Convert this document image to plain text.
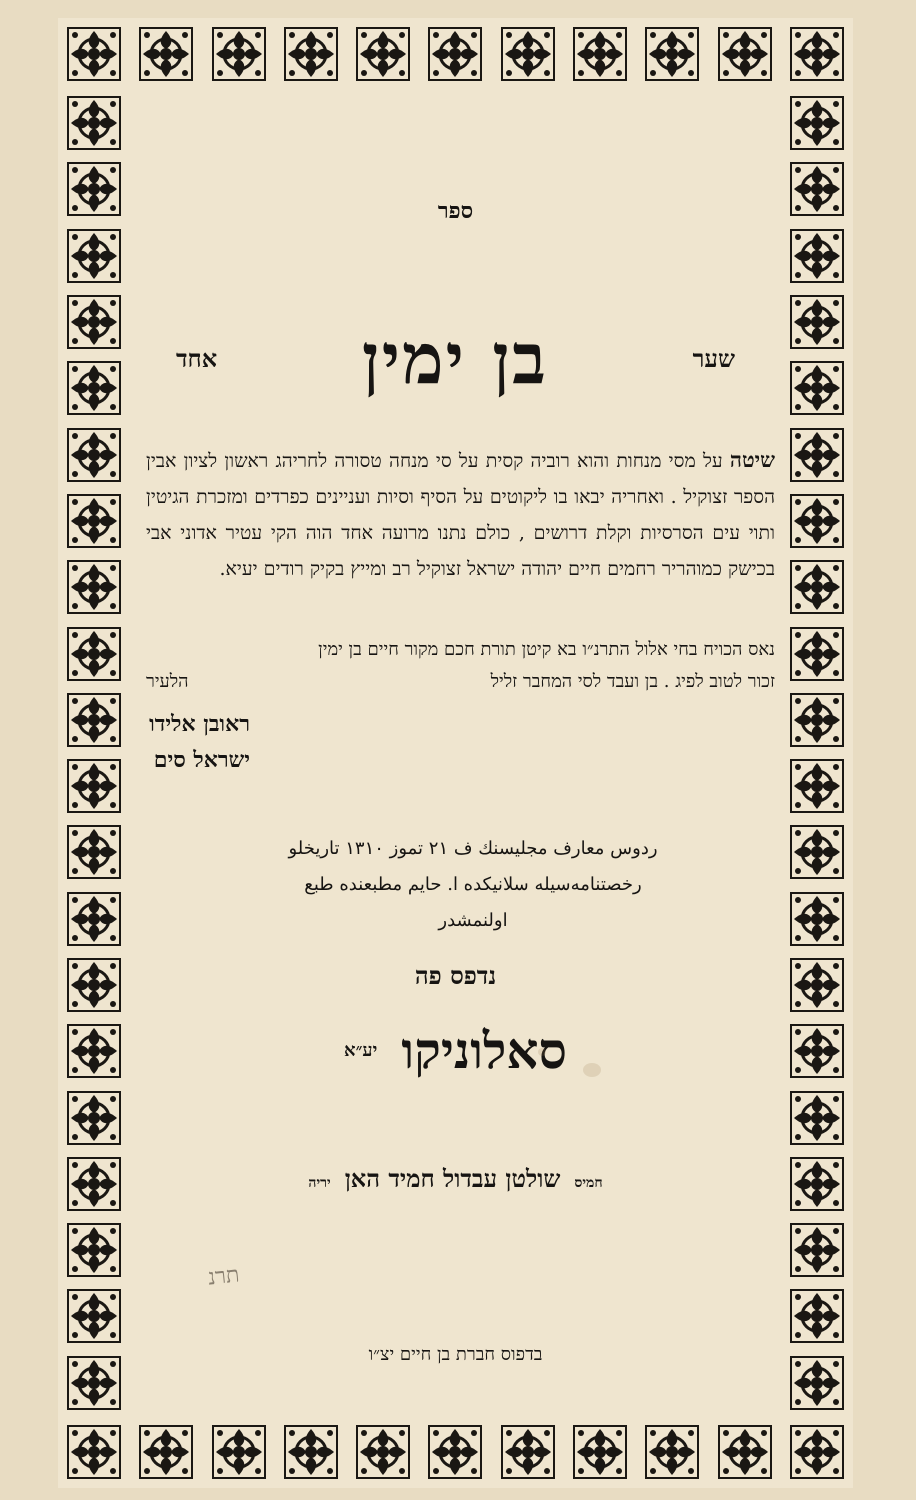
ספר
אחד בן ימין	שער
שיטה על מסי מנחות והוא רוביה קסית על סי מנחה טסורה לחריהג ראשון לציון אבין הספר זצוקיל . ואחריה יבאו בו ליקוטים על הסיף וסיות ועניינים כפרדים ומזכרת הגיטין ותוי עים הסרסיות וקלת דרושים , כולם נתנו מרועה אחד הוה הקי עטיר אדוני אבי בכישק כמוהריר רחמים חיים יהודה ישראל זצוקיל רב ומייץ בקיק רודים יעיא.
נאס הכויח בחי אלול התרנ״ו בא קיטן תורת חכם מקור חיים בן ימין
זכור לטוב לפיג . בן ועבד לסי המחבר זליל
הלעיר
ראובן אלידו
ישראל סים
ردوس معارف مجليسنك ف ٢١ تموز ١٣١٠ تاريخلو
رخصتنامه‌سيله سلانيكده ا‌. حايم مطبعنده طبع اولنمشدر
נדפס פה
סאלוניקו
יע״א
חמיס
שולטן עבדול חמיד האן
יריה
בדפוס חברת בן חיים יצ״ו
תרנ
